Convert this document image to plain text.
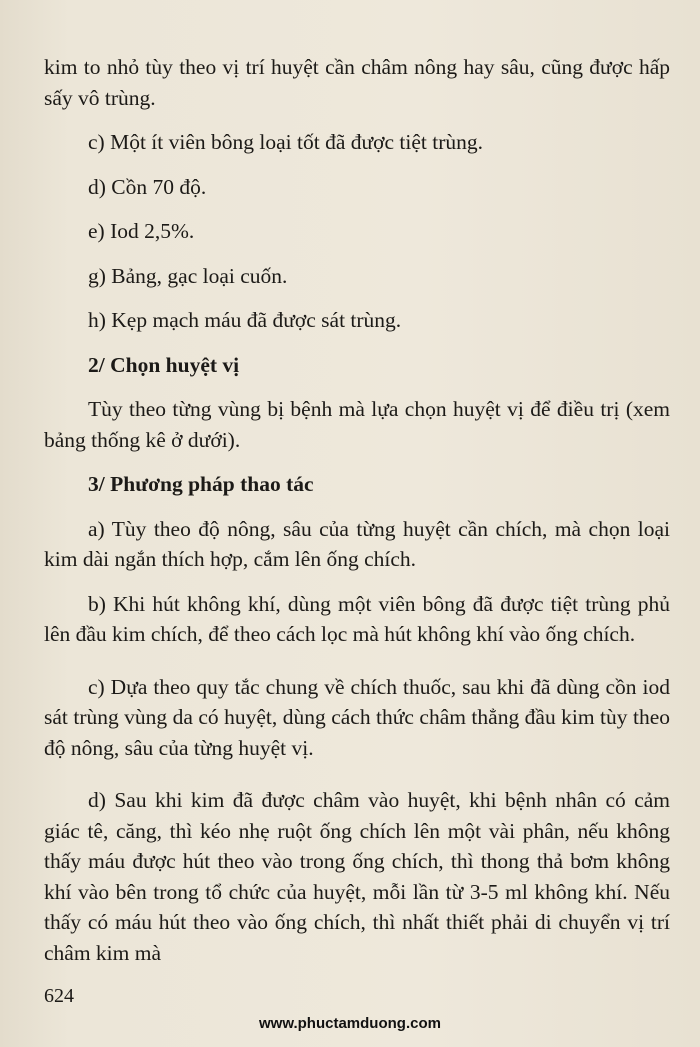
kim to nhỏ tùy theo vị trí huyệt cần châm nông hay sâu, cũng được hấp sấy vô trùng.

c) Một ít viên bông loại tốt đã được tiệt trùng.

d) Cồn 70 độ.

e) Iod 2,5%.

g) Bảng, gạc loại cuốn.

h) Kẹp mạch máu đã được sát trùng.

2/ Chọn huyệt vị

Tùy theo từng vùng bị bệnh mà lựa chọn huyệt vị để điều trị (xem bảng thống kê ở dưới).

3/ Phương pháp thao tác

a) Tùy theo độ nông, sâu của từng huyệt cần chích, mà chọn loại kim dài ngắn thích hợp, cắm lên ống chích.

b) Khi hút không khí, dùng một viên bông đã được tiệt trùng phủ lên đầu kim chích, để theo cách lọc mà hút không khí vào ống chích.

c) Dựa theo quy tắc chung về chích thuốc, sau khi đã dùng cồn iod sát trùng vùng da có huyệt, dùng cách thức châm thẳng đầu kim tùy theo độ nông, sâu của từng huyệt vị.

d) Sau khi kim đã được châm vào huyệt, khi bệnh nhân có cảm giác tê, căng, thì kéo nhẹ ruột ống chích lên một vài phân, nếu không thấy máu được hút theo vào trong ống chích, thì thong thả bơm không khí vào bên trong tổ chức của huyệt, mỗi lần từ 3-5 ml không khí. Nếu thấy có máu hút theo vào ống chích, thì nhất thiết phải di chuyển vị trí châm kim mà

624
www.phuctamduong.com
